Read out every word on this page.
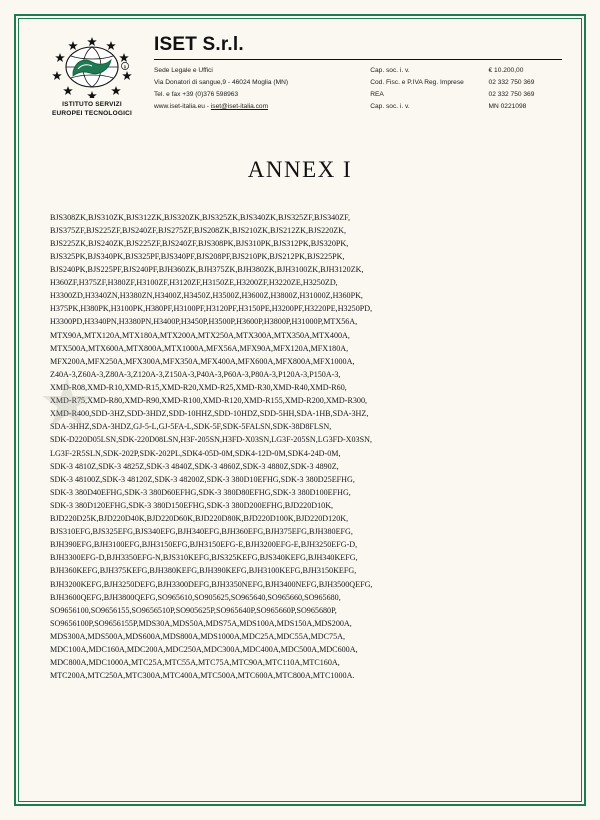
R
ISTITUTO SERVIZI
EUROPEI TECNOLOGICI
ISET S.r.l.
Sede Legale e Uffici	Cap. soc. i. v.	€ 10.200,00
Via Donatori di sangue,9 - 46024 Moglia (MN)	Cod. Fisc. e P.IVA Reg. Imprese	02 332 750 369
Tel. e fax +39 (0)376 598963	REA	02 332 750 369
www.iset-italia.eu - iset@iset-italia.com	Cap. soc. i. v.	MN 0221098
ANNEX I
BJS308ZK,BJS310ZK,BJS312ZK,BJS320ZK,BJS325ZK,BJS340ZK,BJS325ZF,BJS340ZF,
BJS375ZF,BJS225ZF,BJS240ZF,BJS275ZF,BJS208ZK,BJS210ZK,BJS212ZK,BJS220ZK,
BJS225ZK,BJS240ZK,BJS225ZF,BJS240ZF,BJS308PK,BJS310PK,BJS312PK,BJS320PK,
BJS325PK,BJS340PK,BJS325PF,BJS340PF,BJS208PF,BJS210PK,BJS212PK,BJS225PK,
BJS240PK,BJS225PF,BJS240PF,BJH360ZK,BJH375ZK,BJH380ZK,BJH3100ZK,BJH3120ZK,
H360ZF,H375ZF,H380ZF,H3100ZF,H3120ZF,H3150ZE,H3200ZF,H3220ZE,H3250ZD,
H3300ZD,H3340ZN,H3380ZN,H3400Z,H3450Z,H3500Z,H3600Z,H3800Z,H31000Z,H360PK,
H375PK,H380PK,H3100PK,H380PF,H3100PF,H3120PF,H3150PE,H3200PF,H3220PE,H3250PD,
H3300PD,H3340PN,H3380PN,H3400P,H3450P,H3500P,H3600P,H3800P,H31000P,MTX56A,
MTX90A,MTX120A,MTX180A,MTX200A,MTX250A,MTX300A,MTX350A,MTX400A,
MTX500A,MTX600A,MTX800A,MTX1000A,MFX56A,MFX90A,MFX120A,MFX180A,
MFX200A,MFX250A,MFX300A,MFX350A,MFX400A,MFX600A,MFX800A,MFX1000A,
Z40A-3,Z60A-3,Z80A-3,Z120A-3,Z150A-3,P40A-3,P60A-3,P80A-3,P120A-3,P150A-3,
XMD-R08,XMD-R10,XMD-R15,XMD-R20,XMD-R25,XMD-R30,XMD-R40,XMD-R60,
XMD-R75,XMD-R80,XMD-R90,XMD-R100,XMD-R120,XMD-R155,XMD-R200,XMD-R300,
XMD-R400,SDD-3HZ,SDD-3HDZ,SDD-10HHZ,SDD-10HDZ,SDD-5HH,SDA-1HB,SDA-3HZ,
SDA-3HHZ,SDA-3HDZ,GJ-5-L,GJ-5FA-L,SDK-5F,SDK-5FALSN,SDK-38D8FLSN,
SDK-D220D05LSN,SDK-220D08LSN,H3F-205SN,H3FD-X03SN,LG3F-205SN,LG3FD-X03SN,
LG3F-2R5SLN,SDK-202P,SDK-202PL,SDK4-05D-0M,SDK4-12D-0M,SDK4-24D-0M,
SDK-3 4810Z,SDK-3 4825Z,SDK-3 4840Z,SDK-3 4860Z,SDK-3 4880Z,SDK-3 4890Z,
SDK-3 48100Z,SDK-3 48120Z,SDK-3 48200Z,SDK-3 380D10EFHG,SDK-3 380D25EFHG,
SDK-3 380D40EFHG,SDK-3 380D60EFHG,SDK-3 380D80EFHG,SDK-3 380D100EFHG,
SDK-3 380D120EFHG,SDK-3 380D150EFHG,SDK-3 380D200EFHG,BJD220D10K,
BJD220D25K,BJD220D40K,BJD220D60K,BJD220D80K,BJD220D100K,BJD220D120K,
BJS310EFG,BJS325EFG,BJS340EFG,BJH340EFG,BJH360EFG,BJH375EFG,BJH380EFG,
BJH390EFG,BJH3100EFG,BJH3150EFG,BJH3150EFG-E,BJH3200EFG-E,BJH3250EFG-D,
BJH3300EFG-D,BJH3350EFG-N,BJS310KEFG,BJS325KEFG,BJS340KEFG,BJH340KEFG,
BJH360KEFG,BJH375KEFG,BJH380KEFG,BJH390KEFG,BJH3100KEFG,BJH3150KEFG,
BJH3200KEFG,BJH3250DEFG,BJH3300DEFG,BJH3350NEFG,BJH3400NEFG,BJH3500QEFG,
BJH3600QEFG,BJH3800QEFG,SO965610,SO905625,SO965640,SO965660,SO965680,
SO9656100,SO9656155,SO9656510P,SO905625P,SO965640P,SO965660P,SO965680P,
SO9656100P,SO9656155P,MDS30A,MDS50A,MDS75A,MDS100A,MDS150A,MDS200A,
MDS300A,MDS500A,MDS600A,MDS800A,MDS1000A,MDC25A,MDC55A,MDC75A,
MDC100A,MDC160A,MDC200A,MDC250A,MDC300A,MDC400A,MDC500A,MDC600A,
MDC800A,MDC1000A,MTC25A,MTC55A,MTC75A,MTC90A,MTC110A,MTC160A,
MTC200A,MTC250A,MTC300A,MTC400A,MTC500A,MTC600A,MTC800A,MTC1000A.
